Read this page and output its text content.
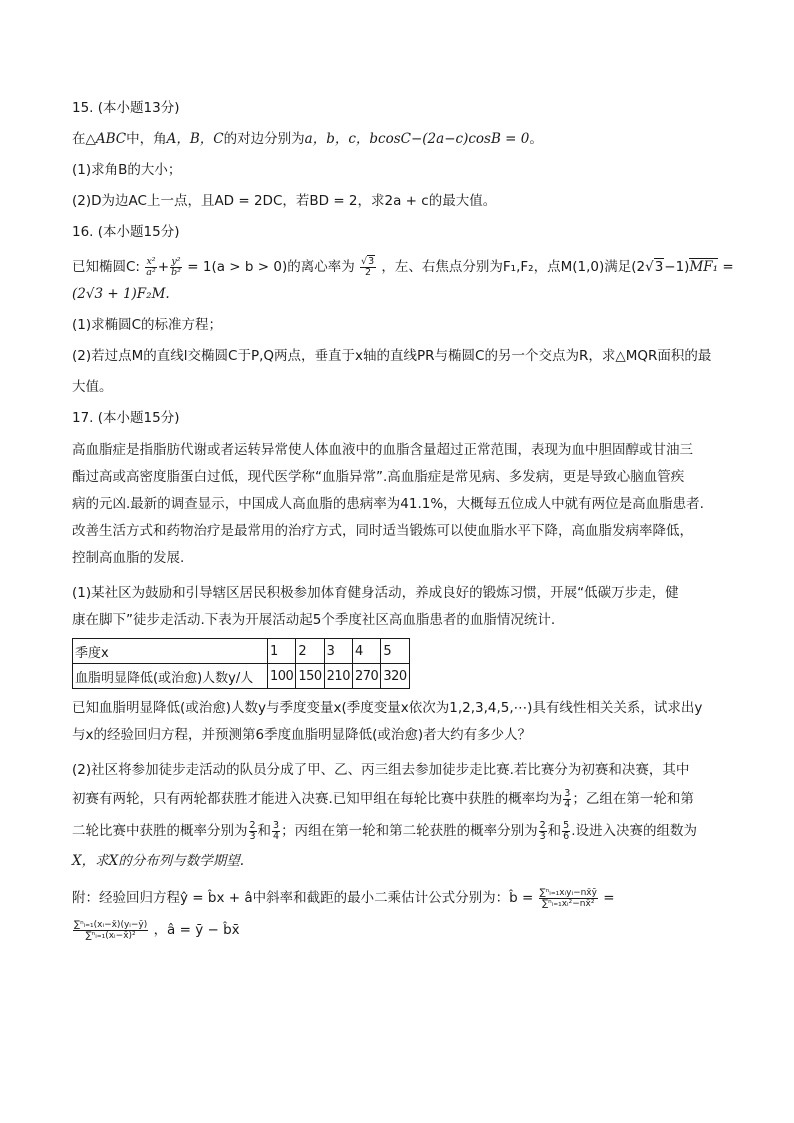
15. (本小题13分)

在△ABC中，角A，B，C的对边分别为a，b，c，bcosC−(2a−c)cosB = 0。

(1)求角B的大小；

(2)D为边AC上一点，且AD = 2DC，若BD = 2，求2a + c的最大值。

16. (本小题15分)

已知椭圆C: $\frac{\text{x²}}{\text{a²}} + \frac{\text{y²}}{\text{b²}} = 1(a > b > 0)$的离心率为 $\frac{√3}{2}$ ，左、右焦点分别为F₁,F₂，点M(1,0)满足(2√3−1)MF₁ =

(2√3 + 1)F₂M.

(1)求椭圆C的标准方程；

(2)若过点M的直线l交椭圆C于P,Q两点，垂直于x轴的直线PR与椭圆C的另一个交点为R，求△MQR面积的最

大值。

17. (本小题15分)

高血脂症是指脂肪代谢或者运转异常使人体血液中的血脂含量超过正常范围，表现为血中胆固醇或甘油三

酯过高或高密度脂蛋白过低，现代医学称“血脂异常”.高血脂症是常见病、多发病，更是导致心脑血管疾

病的元凶.最新的调查显示，中国成人高血脂的患病率为41.1%，大概每五位成人中就有两位是高血脂患者.

改善生活方式和药物治疗是最常用的治疗方式，同时适当锻炼可以使血脂水平下降，高血脂发病率降低，

控制高血脂的发展.

(1)某社区为鼓励和引导辖区居民积极参加体育健身活动，养成良好的锻炼习惯，开展“低碳万步走，健

康在脚下”徒步走活动.下表为开展活动起5个季度社区高血脂患者的血脂情况统计.

季度x	1	2	3	4	5
血脂明显降低(或治愈)人数y/人	100	150	210	270	320

已知血脂明显降低(或治愈)人数y与季度变量x(季度变量x依次为1,2,3,4,5,⋯)具有线性相关关系，试求出y

与x的经验回归方程，并预测第6季度血脂明显降低(或治愈)者大约有多少人？

(2)社区将参加徒步走活动的队员分成了甲、乙、丙三组去参加徒步走比赛.若比赛分为初赛和决赛，其中

初赛有两轮，只有两轮都获胜才能进入决赛.已知甲组在每轮比赛中获胜的概率均为 $\frac{3}{4}$ ；乙组在第一轮和第

二轮比赛中获胜的概率分别为 $\frac{2}{3}$ 和 $\frac{3}{4}$ ；丙组在第一轮和第二轮获胜的概率分别为 $\frac{2}{3}$ 和 $\frac{5}{6}$ .设进入决赛的组数为

X，求X的分布列与数学期望.

附：经验回归方程ŷ = b̂x + â中斜率和截距的最小二乘估计公式分别为：b̂ = $\frac{\text{∑ⁿᵢ₌₁xᵢyᵢ−nx̄ȳ}}{\text{∑ⁿᵢ₌₁xᵢ²−nx̄²}}$ =

$\frac{\text{∑ⁿᵢ₌₁(xᵢ−x̄)(yᵢ−ȳ)}}{\text{∑ⁿᵢ₌₁(xᵢ−x̄)²}}$ ，â = ȳ − b̂x̄
